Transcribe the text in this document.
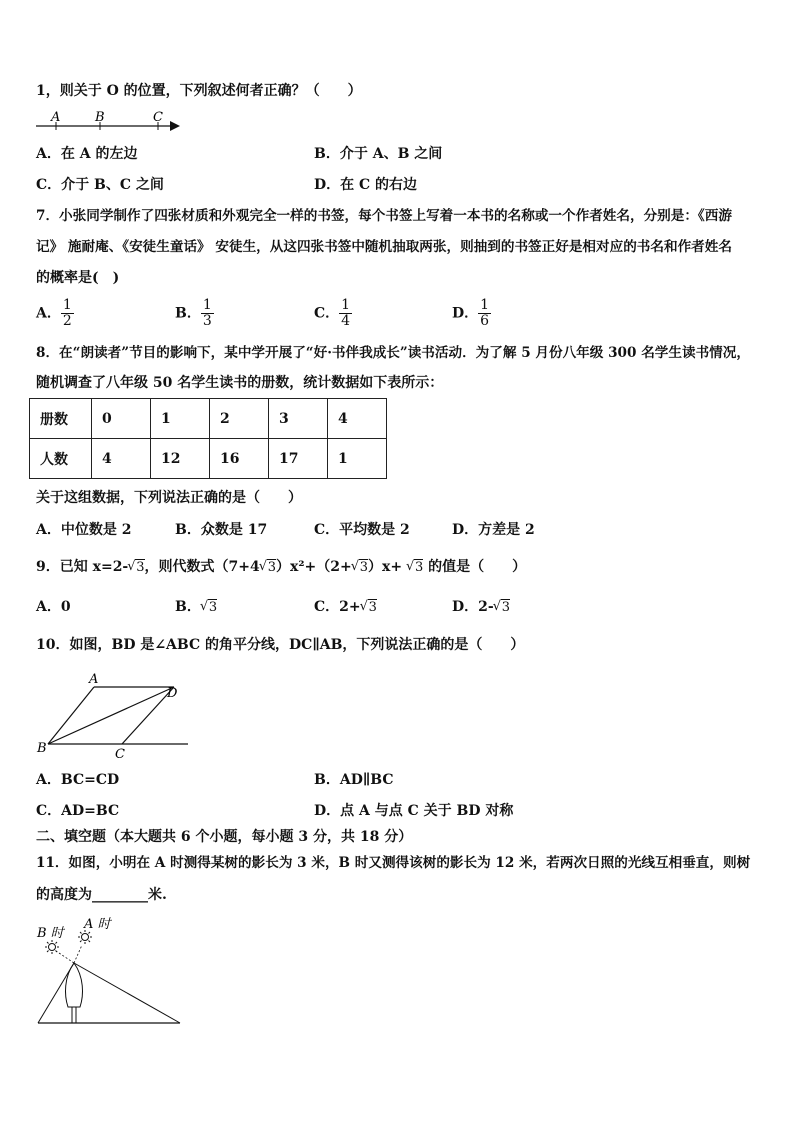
1，则关于 O 的位置，下列叙述何者正确？（　　）
A	B	C
A．在 A 的左边	B．介于 A、B 之间
C．介于 B、C 之间	D．在 C 的右边
7．小张同学制作了四张材质和外观完全一样的书签，每个书签上写着一本书的名称或一个作者姓名，分别是：《西游
记》 施耐庵、《安徒生童话》 安徒生，从这四张书签中随机抽取两张，则抽到的书签正好是相对应的书名和作者姓名
的概率是(　)
A． $\frac{1}{2}$	B． $\frac{1}{3}$	C． $\frac{1}{4}$	D． $\frac{1}{6}$
8．在“朗读者”节目的影响下，某中学开展了“好·书伴我成长”读书活动．为了解 5 月份八年级 300 名学生读书情况，
随机调查了八年级 50 名学生读书的册数，统计数据如下表所示：
册数	0	1	2	3	4
人数	4	12	16	17	1
关于这组数据，下列说法正确的是（　　）
A．中位数是 2	B．众数是 17	C．平均数是 2	D．方差是 2
9．已知 x=2- √ 3，则代数式（7+4 √ 3）x²+（2+ √ 3）x+ √ 3 的值是（　　）
A．0	B． √ 3	C．2+ √ 3	D．2- √ 3
10．如图，BD 是∠ABC 的角平分线，DC∥AB，下列说法正确的是（　　）
A
B	C
D
A．BC=CD	B．AD∥BC
C．AD=BC	D．点 A 与点 C 关于 BD 对称
二、填空题（本大题共 6 个小题，每小题 3 分，共 18 分）
11．如图，小明在 A 时测得某树的影长为 3 米，B 时又测得该树的影长为 12 米，若两次日照的光线互相垂直，则树
的高度为________米.
B 时
A 时
